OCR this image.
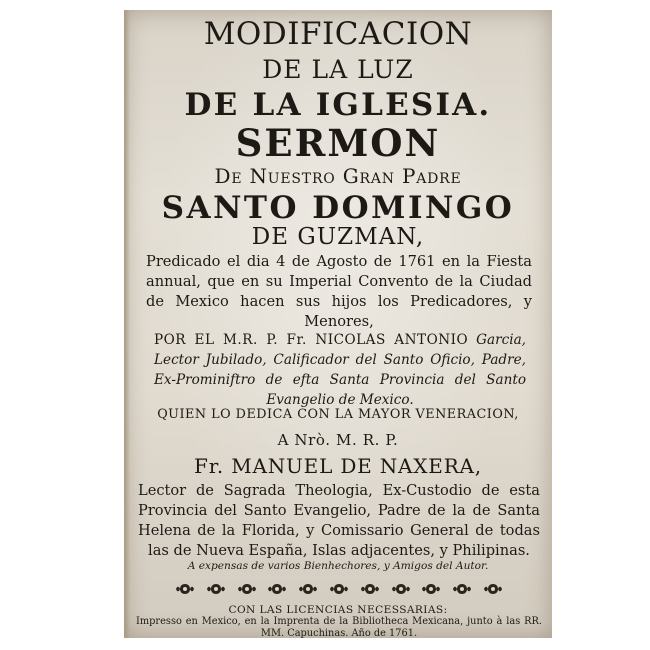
MODIFICACION
DE LA LUZ
DE LA IGLESIA.
SERMON
De Nuestro Gran Padre
SANTO DOMINGO
DE GUZMAN,
Predicado el dia 4 de Agosto de 1761 en la Fiesta annual, que en su Imperial Convento de la Ciudad de Mexico hacen sus hijos los Predicadores, y Menores,
POR EL M.R. P. Fr. NICOLAS ANTONIO Garcia, Lector Jubilado, Calificador del Santo Oficio, Padre, Ex-Prominiftro de efta Santa Provincia del Santo Evangelio de Mexico.
QUIEN LO DEDICA CON LA MAYOR VENERACION,
A Nrò. M. R. P.
Fr. MANUEL DE NAXERA,
Lector de Sagrada Theologia, Ex-Custodio de esta Provincia del Santo Evangelio, Padre de la de Santa Helena de la Florida, y Comissario General de todas las de Nueva España, Islas adjacentes, y Philipinas.
A expensas de varios Bienhechores, y Amigos del Autor.
CON LAS LICENCIAS NECESSARIAS:
Impresso en Mexico, en la Imprenta de la Bibliotheca Mexicana, junto à las RR. MM. Capuchinas. Año de 1761.
